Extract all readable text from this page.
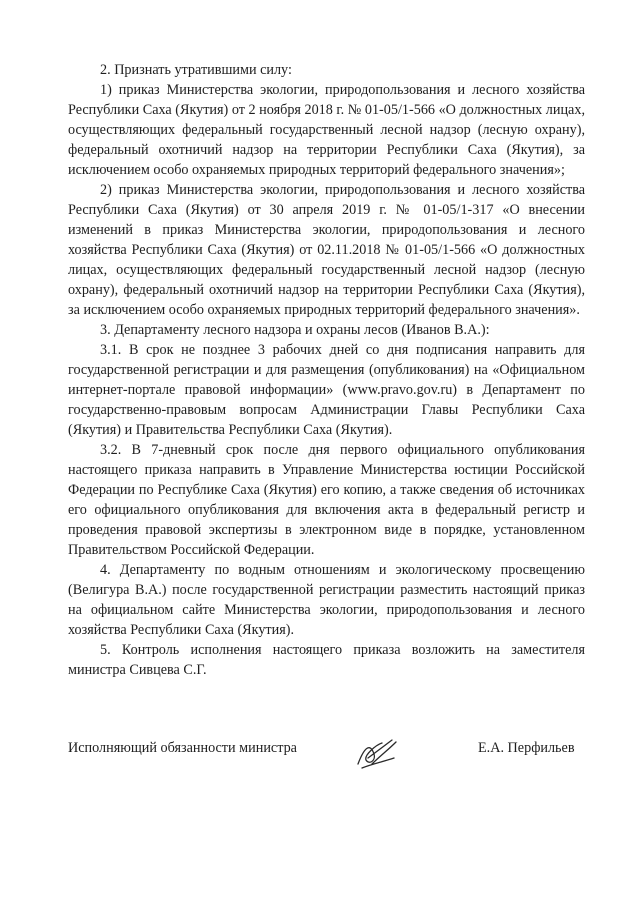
2. Признать утратившими силу:

1) приказ Министерства экологии, природопользования и лесного хозяйства Республики Саха (Якутия) от 2 ноября 2018 г. № 01-05/1-566 «О должностных лицах, осуществляющих федеральный государственный лесной надзор (лесную охрану), федеральный охотничий надзор на территории Республики Саха (Якутия), за исключением особо охраняемых природных территорий федерального значения»;

2) приказ Министерства экологии, природопользования и лесного хозяйства Республики Саха (Якутия) от 30 апреля 2019 г. № 01-05/1-317 «О внесении изменений в приказ Министерства экологии, природопользования и лесного хозяйства Республики Саха (Якутия) от 02.11.2018 № 01-05/1-566 «О должностных лицах, осуществляющих федеральный государственный лесной надзор (лесную охрану), федеральный охотничий надзор на территории Республики Саха (Якутия), за исключением особо охраняемых природных территорий федерального значения».

3. Департаменту лесного надзора и охраны лесов (Иванов В.А.):

3.1. В срок не позднее 3 рабочих дней со дня подписания направить для государственной регистрации и для размещения (опубликования) на «Официальном интернет-портале правовой информации» (www.pravo.gov.ru) в Департамент по государственно-правовым вопросам Администрации Главы Республики Саха (Якутия) и Правительства Республики Саха (Якутия).

3.2. В 7-дневный срок после дня первого официального опубликования настоящего приказа направить в Управление Министерства юстиции Российской Федерации по Республике Саха (Якутия) его копию, а также сведения об источниках его официального опубликования для включения акта в федеральный регистр и проведения правовой экспертизы в электронном виде в порядке, установленном Правительством Российской Федерации.

4. Департаменту по водным отношениям и экологическому просвещению (Велигура В.А.) после государственной регистрации разместить настоящий приказ на официальном сайте Министерства экологии, природопользования и лесного хозяйства Республики Саха (Якутия).

5. Контроль исполнения настоящего приказа возложить на заместителя министра Сивцева С.Г.

Исполняющий обязанности министра	Е.А. Перфильев
